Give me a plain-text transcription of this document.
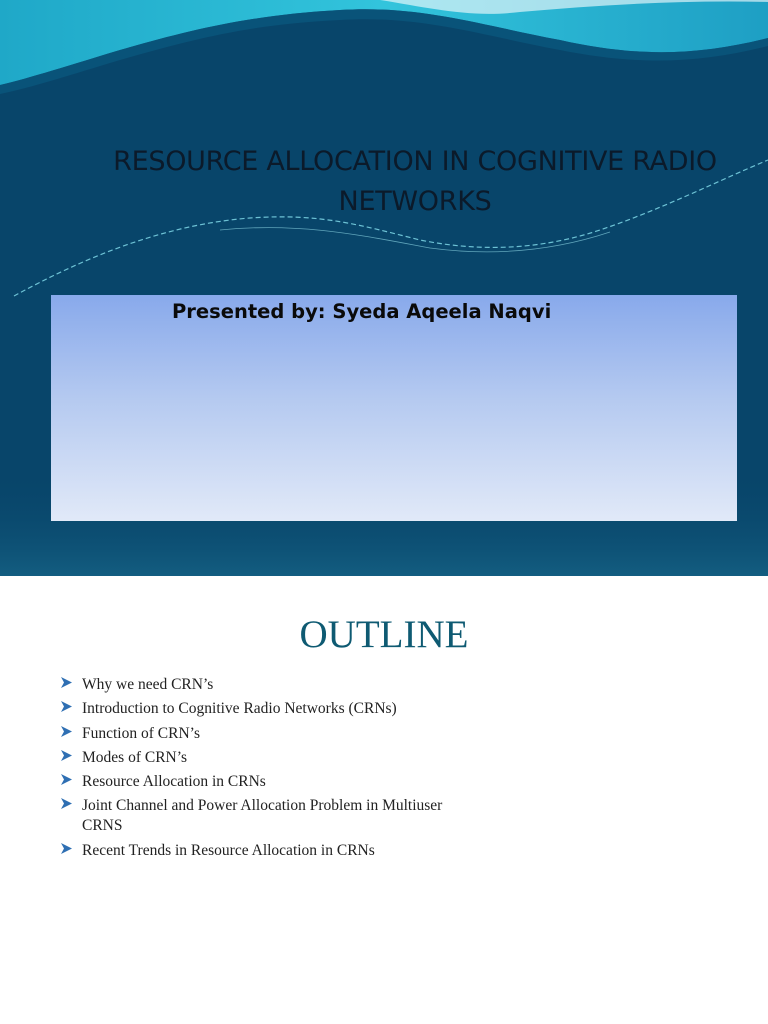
RESOURCE ALLOCATION IN COGNITIVE RADIO NETWORKS

Presented by: Syeda Aqeela Naqvi

OUTLINE
Why we need CRN’s
Introduction to Cognitive Radio Networks (CRNs)
Function of CRN’s
Modes of CRN’s
Resource Allocation in CRNs
Joint Channel and Power Allocation Problem in Multiuser CRNS
Recent Trends in Resource Allocation in CRNs
